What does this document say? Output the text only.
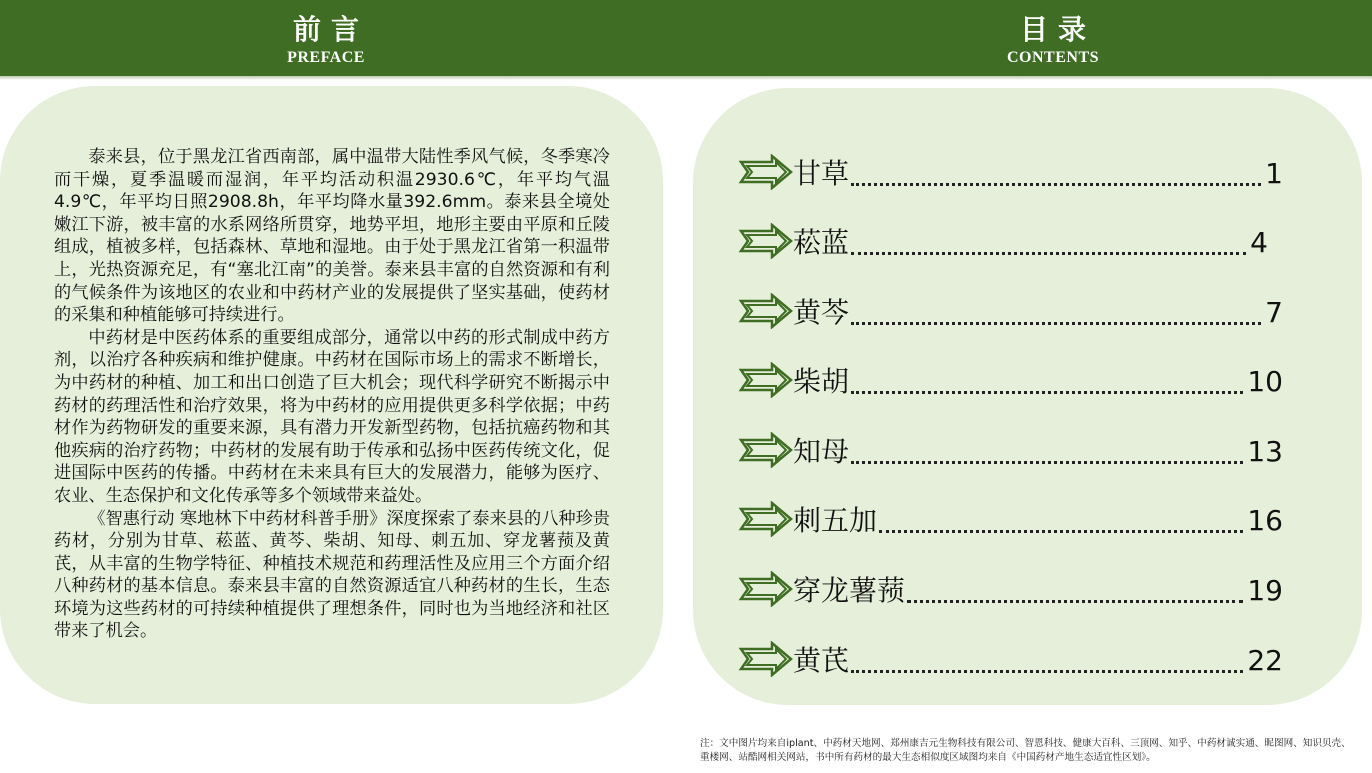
前言
PREFACE
目录
CONTENTS

泰来县，位于黑龙江省西南部，属中温带大陆性季风气候，冬季寒冷而干燥，夏季温暖而湿润，年平均活动积温2930.6℃，年平均气温4.9℃，年平均日照2908.8h，年平均降水量392.6mm。泰来县全境处嫩江下游，被丰富的水系网络所贯穿，地势平坦，地形主要由平原和丘陵组成，植被多样，包括森林、草地和湿地。由于处于黑龙江省第一积温带上，光热资源充足，有“塞北江南”的美誉。泰来县丰富的自然资源和有利的气候条件为该地区的农业和中药材产业的发展提供了坚实基础，使药材的采集和种植能够可持续进行。

中药材是中医药体系的重要组成部分，通常以中药的形式制成中药方剂，以治疗各种疾病和维护健康。中药材在国际市场上的需求不断增长，为中药材的种植、加工和出口创造了巨大机会；现代科学研究不断揭示中药材的药理活性和治疗效果，将为中药材的应用提供更多科学依据；中药材作为药物研发的重要来源，具有潜力开发新型药物，包括抗癌药物和其他疾病的治疗药物；中药材的发展有助于传承和弘扬中医药传统文化，促进国际中医药的传播。中药材在未来具有巨大的发展潜力，能够为医疗、农业、生态保护和文化传承等多个领域带来益处。

《智惠行动 寒地林下中药材科普手册》深度探索了泰来县的八种珍贵药材，分别为甘草、菘蓝、黄芩、柴胡、知母、刺五加、穿龙薯蓣及黄芪，从丰富的生物学特征、种植技术规范和药理活性及应用三个方面介绍八种药材的基本信息。泰来县丰富的自然资源适宜八种药材的生长，生态环境为这些药材的可持续种植提供了理想条件，同时也为当地经济和社区带来了机会。

甘草	1
菘蓝	4
黄芩	7
柴胡	10
知母	13
刺五加	16
穿龙薯蓣	19
黄芪	22
注：文中图片均来自iplant、中药材天地网、郑州康吉元生物科技有限公司、智恩科技、健康大百科、三顶网、知乎、中药材诚实通、昵图网、知识贝壳、重楼网、站酷网相关网站，书中所有药材的最大生态相似度区域图均来自《中国药材产地生态适宜性区划》。
